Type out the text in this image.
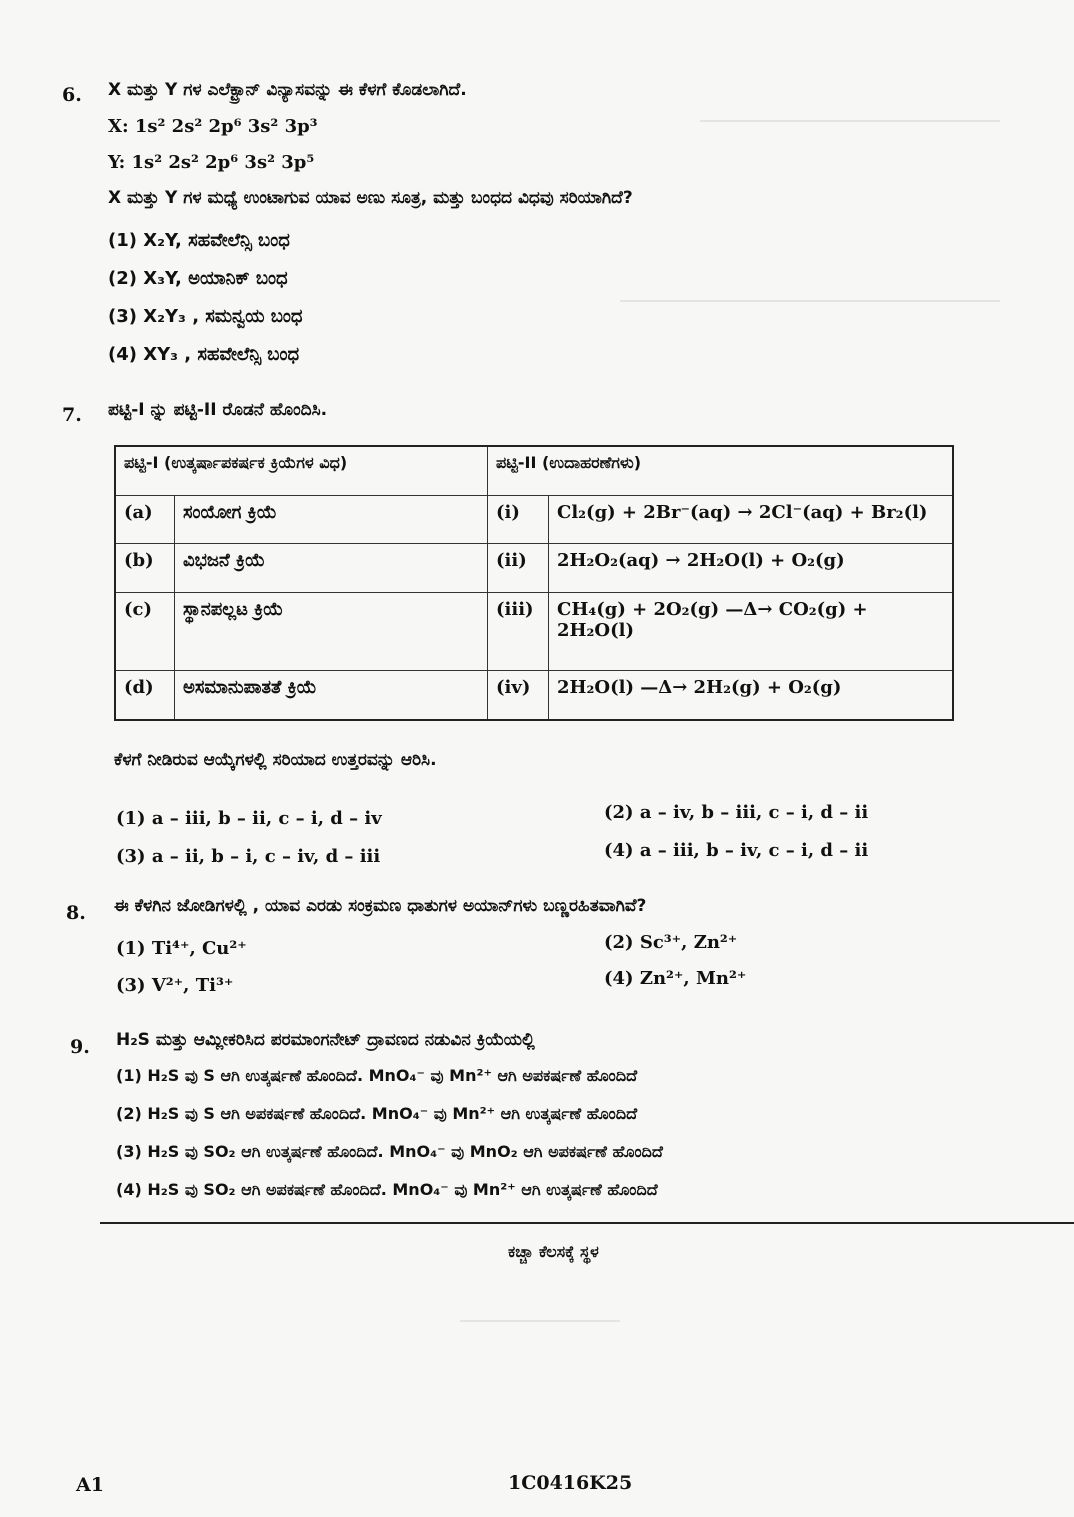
6. X ಮತ್ತು Y ಗಳ ಎಲೆಕ್ಟ್ರಾನ್ ವಿನ್ಯಾಸವನ್ನು ಈ ಕೆಳಗೆ ಕೊಡಲಾಗಿದೆ.
X: 1s² 2s² 2p⁶ 3s² 3p³
Y: 1s² 2s² 2p⁶ 3s² 3p⁵
X ಮತ್ತು Y ಗಳ ಮಧ್ಯೆ ಉಂಟಾಗುವ ಯಾವ ಅಣು ಸೂತ್ರ, ಮತ್ತು ಬಂಧದ ವಿಧವು ಸರಿಯಾಗಿದೆ?
(1) X₂Y, ಸಹವೇಲೆನ್ಸಿ ಬಂಧ
(2) X₃Y, ಅಯಾನಿಕ್ ಬಂಧ
(3) X₂Y₃ , ಸಮನ್ವಯ ಬಂಧ
(4) XY₃ , ಸಹವೇಲೆನ್ಸಿ ಬಂಧ
7. ಪಟ್ಟಿ-I ನ್ನು ಪಟ್ಟಿ-II ರೊಡನೆ ಹೊಂದಿಸಿ.
ಪಟ್ಟಿ-I (ಉತ್ಕರ್ಷಾಪಕರ್ಷಕ ಕ್ರಿಯೆಗಳ ವಿಧ)		ಪಟ್ಟಿ-II (ಉದಾಹರಣೆಗಳು)	
(a)	ಸಂಯೋಗ ಕ್ರಿಯೆ	(i)	Cl₂(g) + 2Br⁻(aq) → 2Cl⁻(aq) + Br₂(l)
(b)	ವಿಭಜನೆ ಕ್ರಿಯೆ	(ii)	2H₂O₂(aq) → 2H₂O(l) + O₂(g)
(c)	ಸ್ಥಾನಪಲ್ಲಟ ಕ್ರಿಯೆ	(iii)	CH₄(g) + 2O₂(g) —Δ→ CO₂(g) + 2H₂O(l)
(d)	ಅಸಮಾನುಪಾತತೆ ಕ್ರಿಯೆ	(iv)	2H₂O(l) —Δ→ 2H₂(g) + O₂(g)
ಕೆಳಗೆ ನೀಡಿರುವ ಆಯ್ಕೆಗಳಲ್ಲಿ ಸರಿಯಾದ ಉತ್ತರವನ್ನು ಆರಿಸಿ.
(1) a – iii, b – ii, c – i, d – iv	(2) a – iv, b – iii, c – i, d – ii
(3) a – ii, b – i, c – iv, d – iii	(4) a – iii, b – iv, c – i, d – ii
8. ಈ ಕೆಳಗಿನ ಜೋಡಿಗಳಲ್ಲಿ , ಯಾವ ಎರಡು ಸಂಕ್ರಮಣ ಧಾತುಗಳ ಅಯಾನ್‌ಗಳು ಬಣ್ಣರಹಿತವಾಗಿವೆ?
(1) Ti⁴⁺, Cu²⁺	(2) Sc³⁺, Zn²⁺
(3) V²⁺, Ti³⁺	(4) Zn²⁺, Mn²⁺
9. H₂S ಮತ್ತು ಆಮ್ಲೀಕರಿಸಿದ ಪರಮಾಂಗನೇಟ್ ದ್ರಾವಣದ ನಡುವಿನ ಕ್ರಿಯೆಯಲ್ಲಿ
(1) H₂S ವು S ಆಗಿ ಉತ್ಕರ್ಷಣೆ ಹೊಂದಿದೆ. MnO₄⁻ ವು Mn²⁺ ಆಗಿ ಅಪಕರ್ಷಣೆ ಹೊಂದಿದೆ
(2) H₂S ವು S ಆಗಿ ಅಪಕರ್ಷಣೆ ಹೊಂದಿದೆ. MnO₄⁻ ವು Mn²⁺ ಆಗಿ ಉತ್ಕರ್ಷಣೆ ಹೊಂದಿದೆ
(3) H₂S ವು SO₂ ಆಗಿ ಉತ್ಕರ್ಷಣೆ ಹೊಂದಿದೆ. MnO₄⁻ ವು MnO₂ ಆಗಿ ಅಪಕರ್ಷಣೆ ಹೊಂದಿದೆ
(4) H₂S ವು SO₂ ಆಗಿ ಅಪಕರ್ಷಣೆ ಹೊಂದಿದೆ. MnO₄⁻ ವು Mn²⁺ ಆಗಿ ಉತ್ಕರ್ಷಣೆ ಹೊಂದಿದೆ
ಕಚ್ಚಾ ಕೆಲಸಕ್ಕೆ ಸ್ಥಳ
A1	1C0416K25
